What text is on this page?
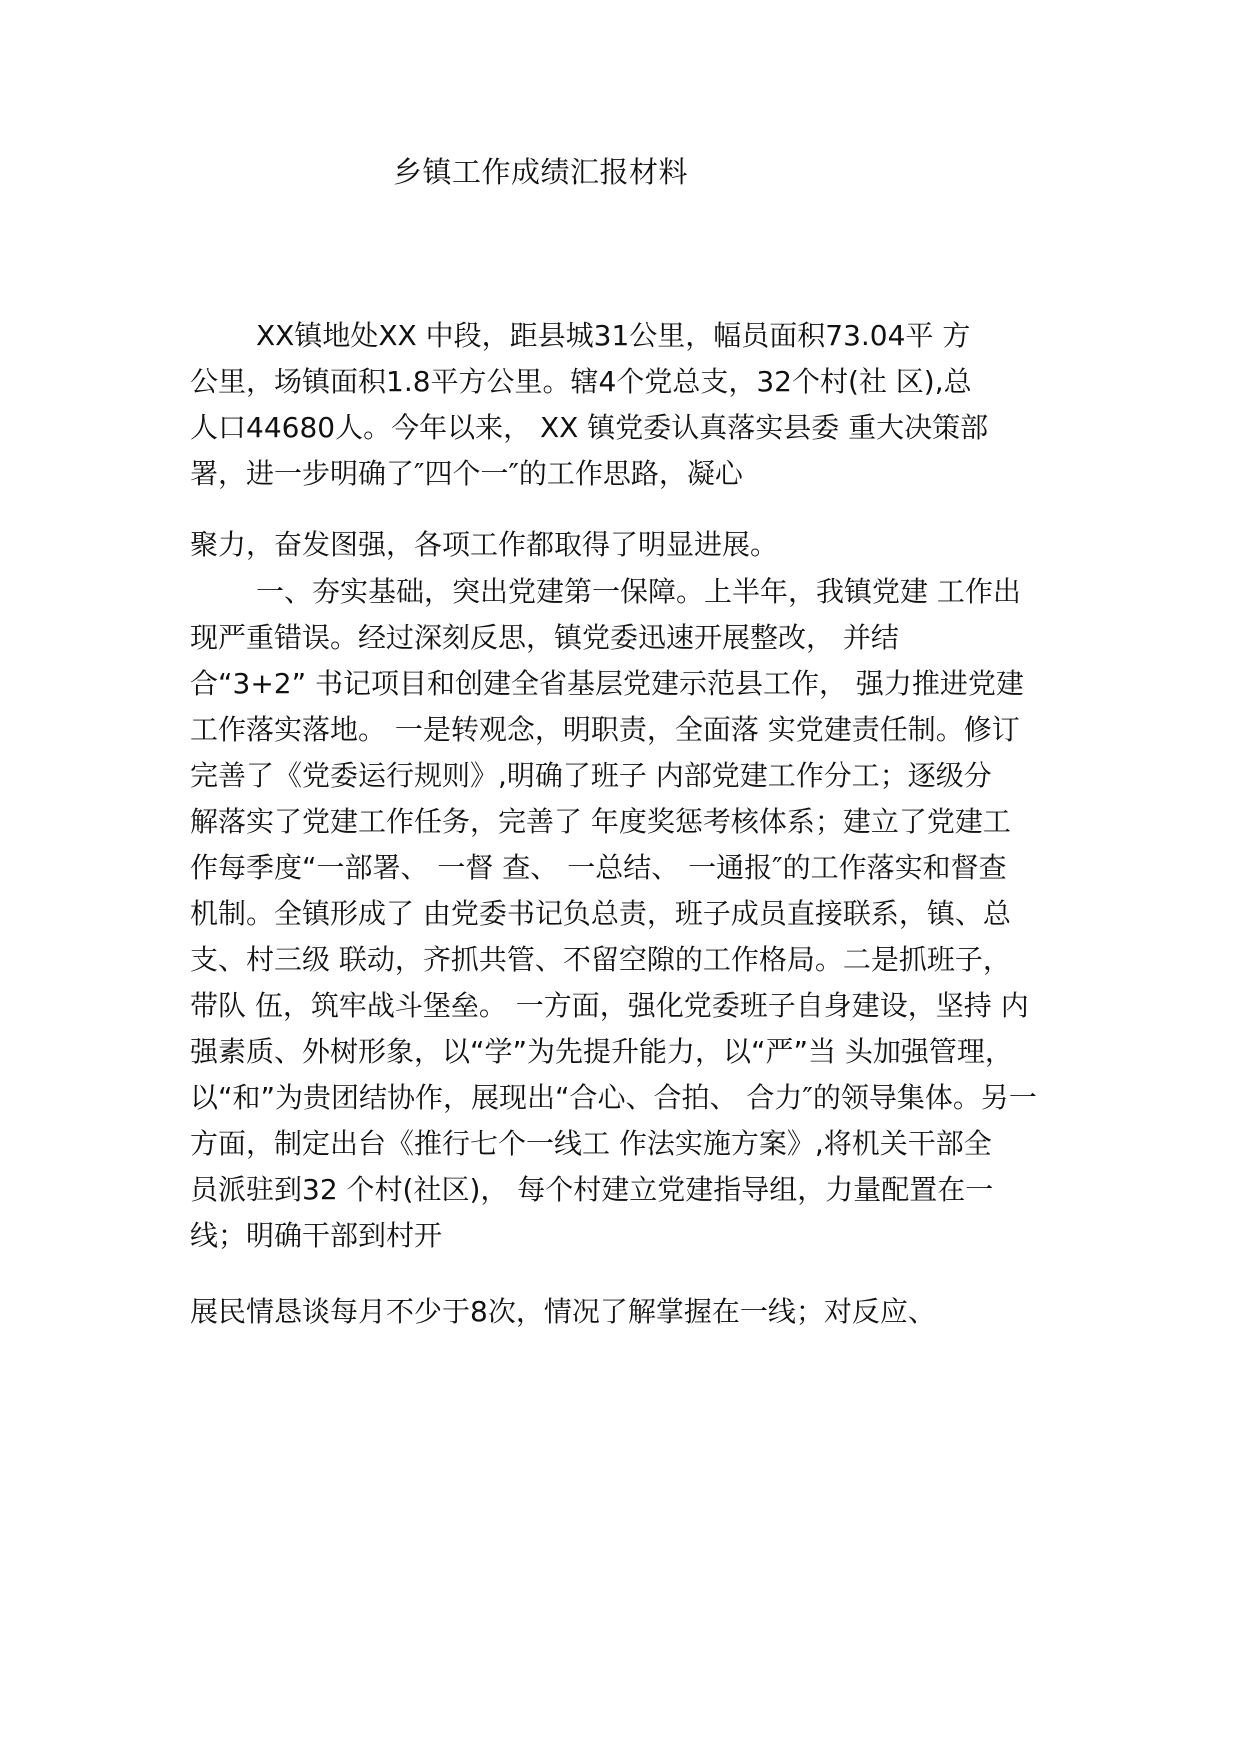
乡镇工作成绩汇报材料
XX镇地处XX 中段，距县城31公里，幅员面积73.04平 方
公里，场镇面积1.8平方公里。辖4个党总支，32个村(社 区),总
人口44680人。今年以来， XX 镇党委认真落实县委 重大决策部
署，进一步明确了″四个一″的工作思路，凝心
聚力，奋发图强，各项工作都取得了明显进展。
一、夯实基础，突出党建第一保障。上半年，我镇党建 工作出
现严重错误。经过深刻反思，镇党委迅速开展整改， 并结
合“3+2” 书记项目和创建全省基层党建示范县工作， 强力推进党建
工作落实落地。 一是转观念，明职责，全面落 实党建责任制。修订
完善了《党委运行规则》,明确了班子 内部党建工作分工；逐级分
解落实了党建工作任务，完善了 年度奖惩考核体系；建立了党建工
作每季度“一部署、 一督 查、 一总结、 一通报″的工作落实和督查
机制。全镇形成了 由党委书记负总责，班子成员直接联系，镇、总
支、村三级 联动，齐抓共管、不留空隙的工作格局。二是抓班子，
带队 伍，筑牢战斗堡垒。 一方面，强化党委班子自身建设，坚持 内
强素质、外树形象，以“学”为先提升能力，以“严”当 头加强管理，
以“和”为贵团结协作，展现出“合心、合拍、 合力″的领导集体。另一
方面，制定出台《推行七个一线工 作法实施方案》,将机关干部全
员派驻到32 个村(社区)， 每个村建立党建指导组，力量配置在一
线；明确干部到村开
展民情恳谈每月不少于8次，情况了解掌握在一线；对反应、
